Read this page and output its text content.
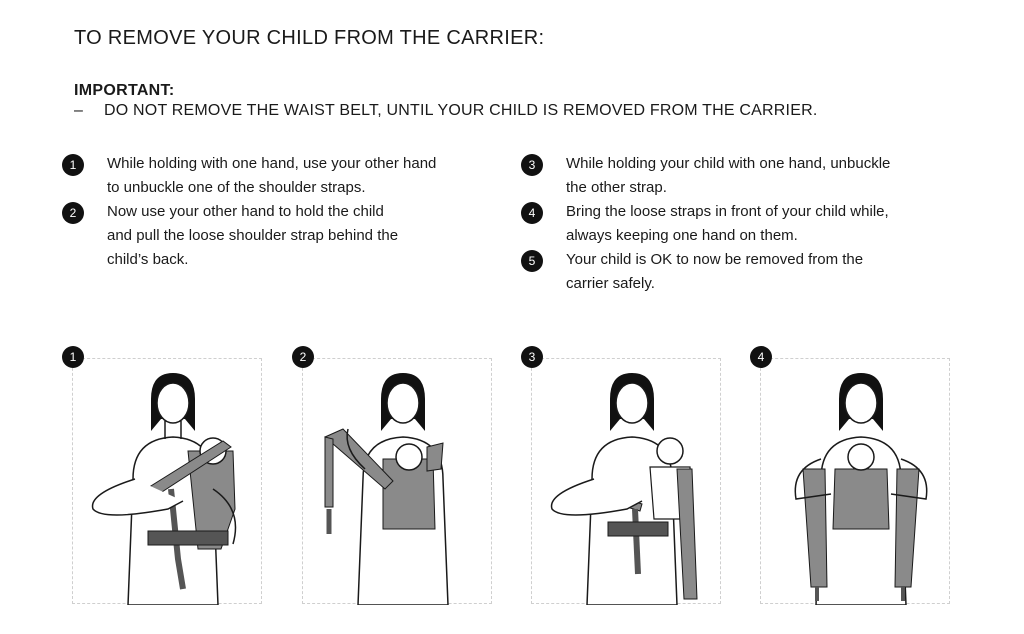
TO REMOVE YOUR CHILD FROM THE CARRIER:
IMPORTANT:
–	DO NOT REMOVE THE WAIST BELT, UNTIL YOUR CHILD IS REMOVED FROM THE CARRIER.
1	While holding with one hand, use your other hand
to unbuckle one of the shoulder straps.
2	Now use your other hand to hold the child
and pull the loose shoulder strap behind the
child’s back.
3	While holding your child with one hand, unbuckle
the other strap.
4	Bring the loose straps in front of your child while,
always keeping one hand on them.
5	Your child is OK to now be removed from the
carrier safely.
1	2	3	4
